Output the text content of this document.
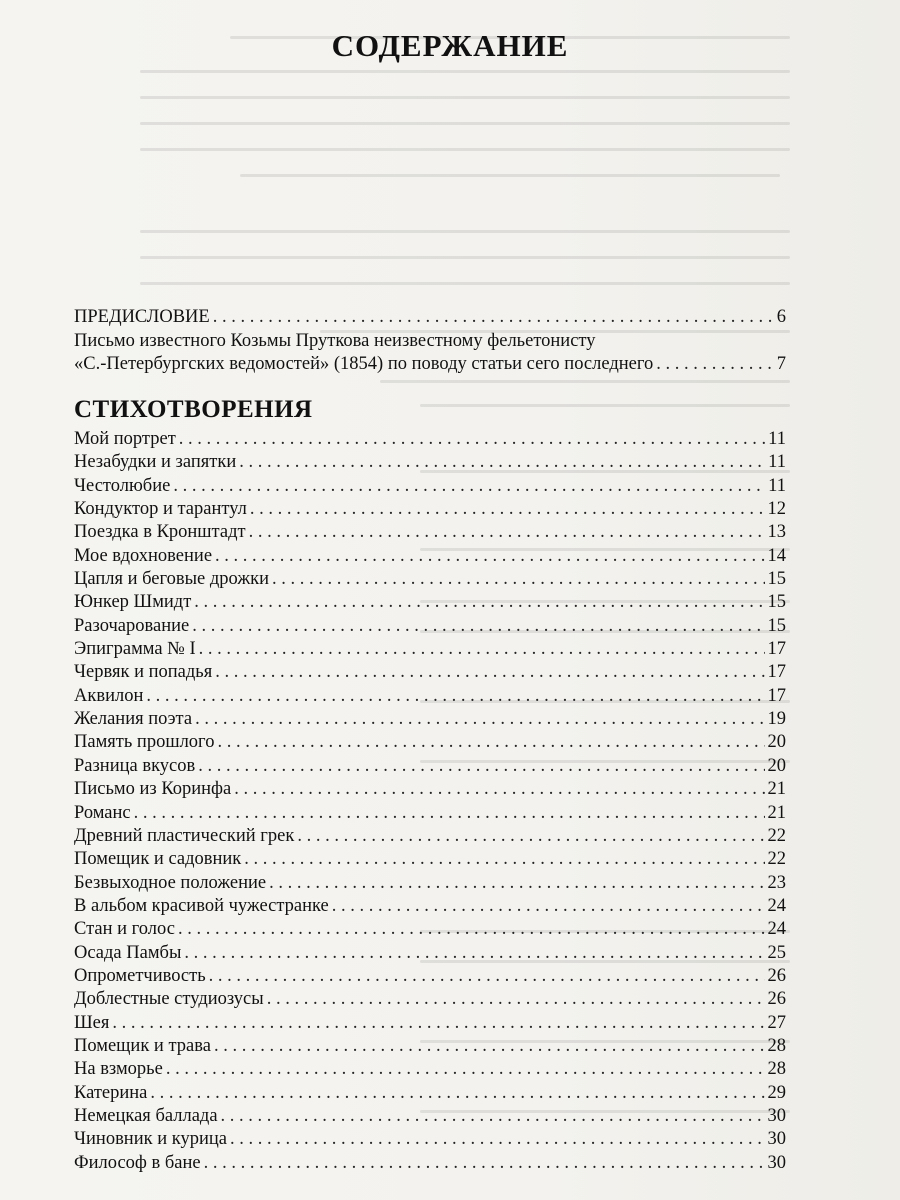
СОДЕРЖАНИЕ
ПРЕДИСЛОВИЕ . . .	6
Письмо известного Козьмы Пруткова неизвестному фельетонисту
«С.-Петербургских ведомостей» (1854) по поводу статьи сего последнего . . .	7
СТИХОТВОРЕНИЯ
Мой портрет . . .	11
Незабудки и запятки . . .	11
Честолюбие . . .	11
Кондуктор и тарантул . . .	12
Поездка в Кронштадт . . .	13
Мое вдохновение . . .	14
Цапля и беговые дрожки . . .	15
Юнкер Шмидт . . .	15
Разочарование . . .	15
Эпиграмма № I . . .	17
Червяк и попадья . . .	17
Аквилон . . .	17
Желания поэта . . .	19
Память прошлого . . .	20
Разница вкусов . . .	20
Письмо из Коринфа . . .	21
Романс . . .	21
Древний пластический грек . . .	22
Помещик и садовник . . .	22
Безвыходное положение . . .	23
В альбом красивой чужестранке . . .	24
Стан и голос . . .	24
Осада Памбы . . .	25
Опрометчивость . . .	26
Доблестные студиозусы . . .	26
Шея . . .	27
Помещик и трава . . .	28
На взморье . . .	28
Катерина . . .	29
Немецкая баллада . . .	30
Чиновник и курица . . .	30
Философ в бане . . .	30
